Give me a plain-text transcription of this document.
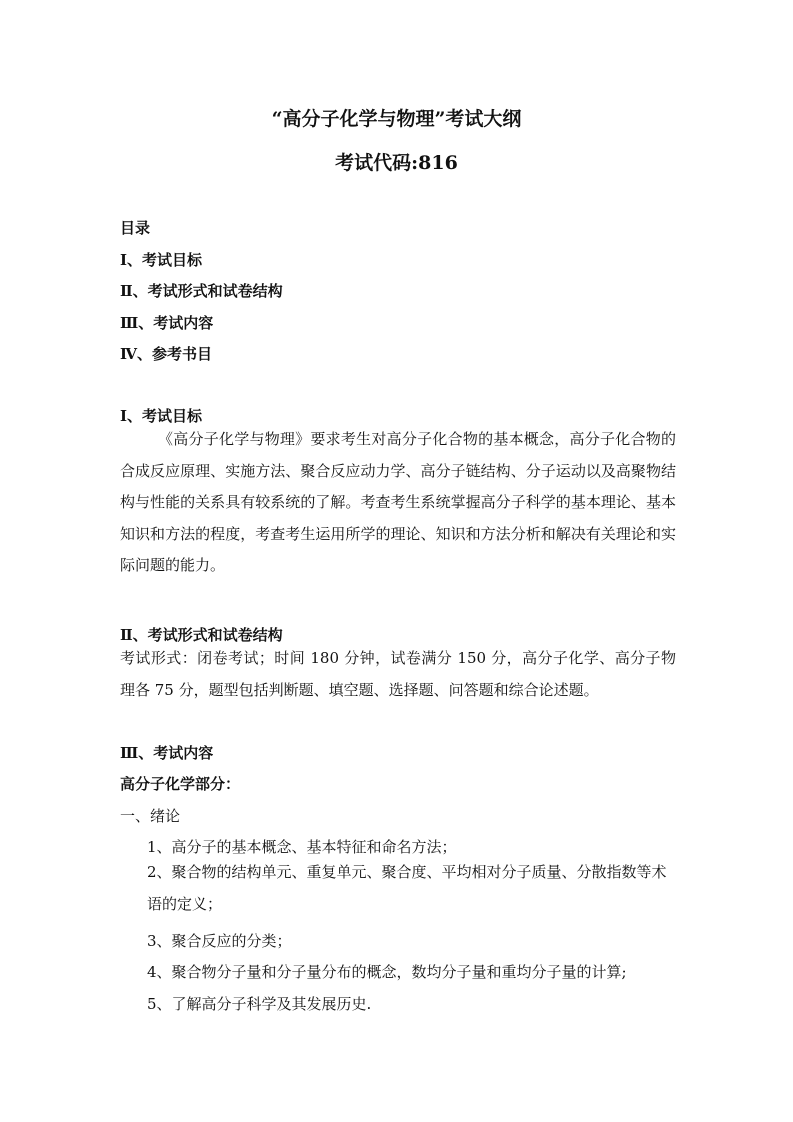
“高分子化学与物理”考试大纲
考试代码:816
目录
Ⅰ、考试目标
Ⅱ、考试形式和试卷结构
Ⅲ、考试内容
Ⅳ、参考书目
Ⅰ、考试目标

《高分子化学与物理》要求考生对高分子化合物的基本概念，高分子化合物的合成反应原理、实施方法、聚合反应动力学、高分子链结构、分子运动以及高聚物结构与性能的关系具有较系统的了解。考查考生系统掌握高分子科学的基本理论、基本知识和方法的程度，考查考生运用所学的理论、知识和方法分析和解决有关理论和实际问题的能力。

Ⅱ、考试形式和试卷结构

考试形式：闭卷考试；时间 180 分钟，试卷满分 150 分，高分子化学、高分子物理各 75 分，题型包括判断题、填空题、选择题、问答题和综合论述题。

Ⅲ、考试内容
高分子化学部分：
一、绪论
1、高分子的基本概念、基本特征和命名方法；
2、聚合物的结构单元、重复单元、聚合度、平均相对分子质量、分散指数等术语的定义；
3、聚合反应的分类；
4、聚合物分子量和分子量分布的概念，数均分子量和重均分子量的计算;
5、了解高分子科学及其发展历史.
